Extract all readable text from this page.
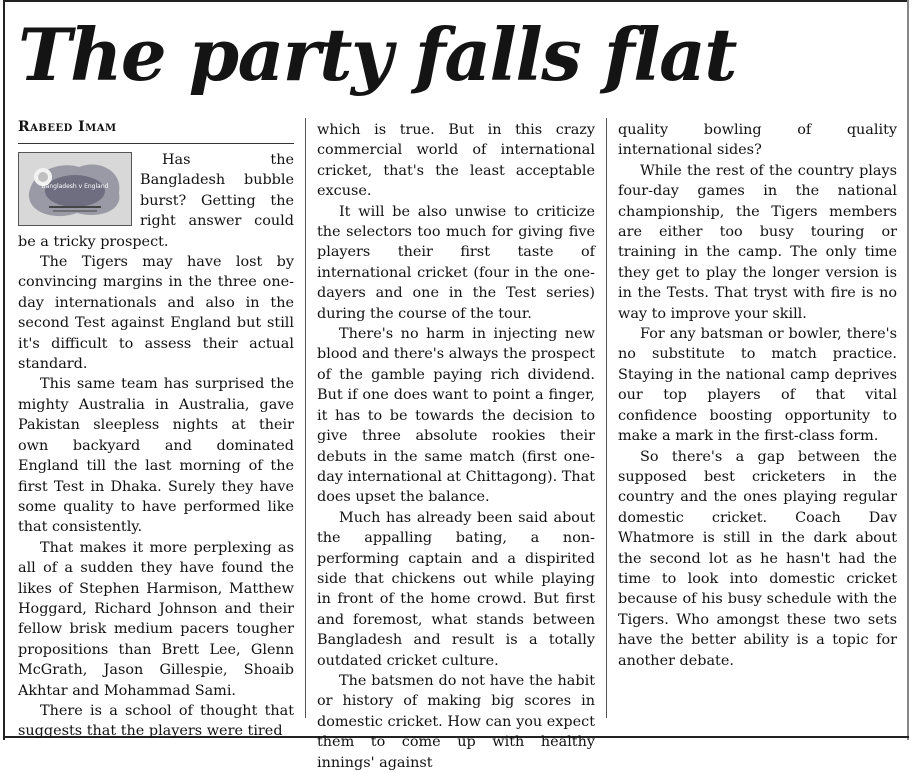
The party falls flat
Rabeed Imam
Bangladesh v England

Has the Bangladesh bubble burst? Getting the right answer could be a tricky prospect.

The Tigers may have lost by convincing margins in the three one-day internationals and also in the second Test against England but still it's difficult to assess their actual standard.

This same team has surprised the mighty Australia in Australia, gave Pakistan sleepless nights at their own backyard and dominated England till the last morning of the first Test in Dhaka. Surely they have some quality to have performed like that consistently.

That makes it more perplexing as all of a sudden they have found the likes of Stephen Harmison, Matthew Hoggard, Richard Johnson and their fellow brisk medium pacers tougher propositions than Brett Lee, Glenn McGrath, Jason Gillespie, Shoaib Akhtar and Mohammad Sami.

There is a school of thought that suggests that the players were tired

which is true. But in this crazy commercial world of international cricket, that's the least acceptable excuse.

It will be also unwise to criticize the selectors too much for giving five players their first taste of international cricket (four in the one-dayers and one in the Test series) during the course of the tour.

There's no harm in injecting new blood and there's always the prospect of the gamble paying rich dividend. But if one does want to point a finger, it has to be towards the decision to give three absolute rookies their debuts in the same match (first one-day international at Chittagong). That does upset the balance.

Much has already been said about the appalling bating, a non-performing captain and a dispirited side that chickens out while playing in front of the home crowd. But first and foremost, what stands between Bangladesh and result is a totally outdated cricket culture.

The batsmen do not have the habit or history of making big scores in domestic cricket. How can you expect them to come up with healthy innings' against

quality bowling of quality international sides?

While the rest of the country plays four-day games in the national championship, the Tigers members are either too busy touring or training in the camp. The only time they get to play the longer version is in the Tests. That tryst with fire is no way to improve your skill.

For any batsman or bowler, there's no substitute to match practice. Staying in the national camp deprives our top players of that vital confidence boosting opportunity to make a mark in the first-class form.

So there's a gap between the supposed best cricketers in the country and the ones playing regular domestic cricket. Coach Dav Whatmore is still in the dark about the second lot as he hasn't had the time to look into domestic cricket because of his busy schedule with the Tigers. Who amongst these two sets have the better ability is a topic for another debate.
